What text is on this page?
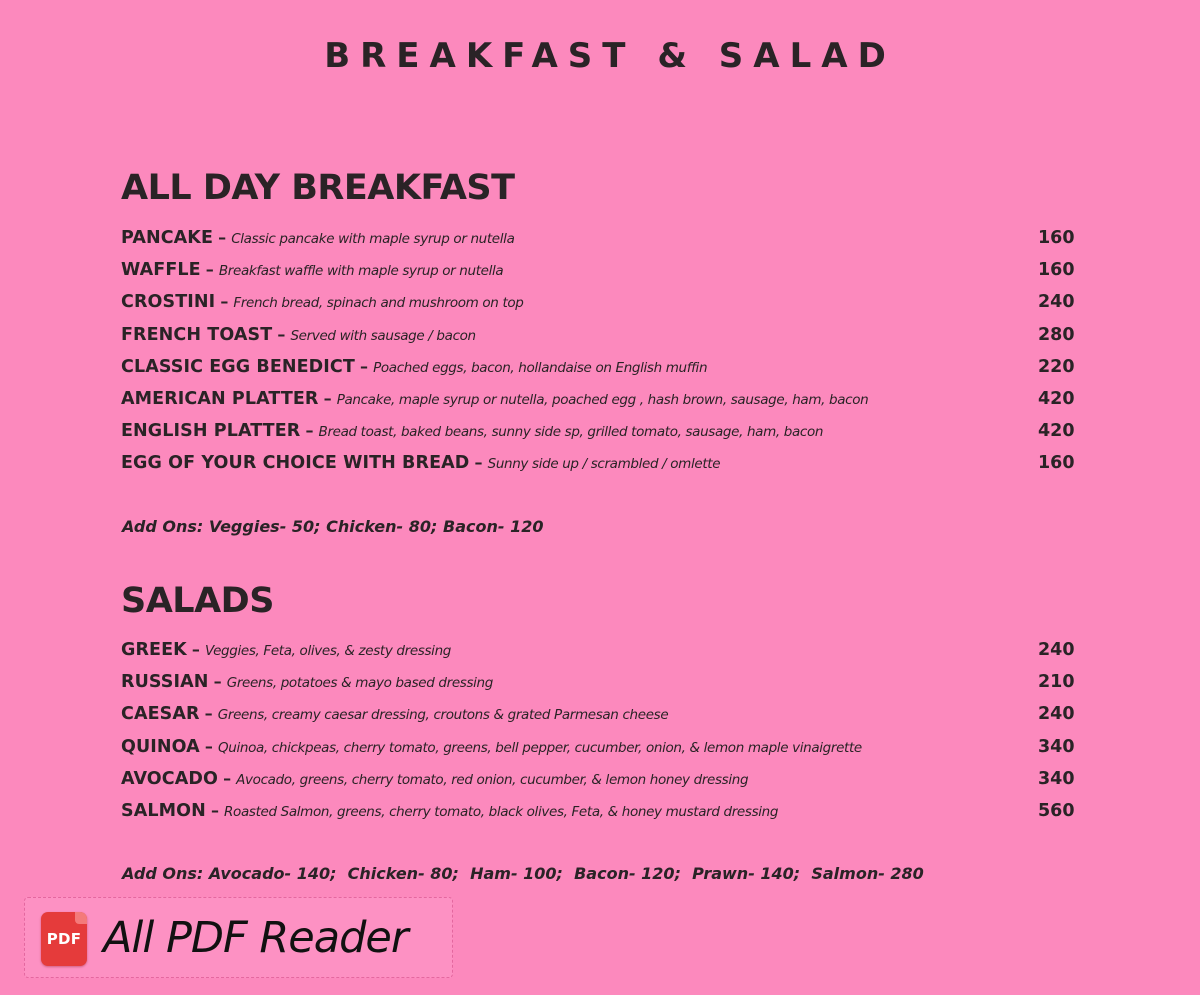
BREAKFAST & SALAD
ALL DAY BREAKFAST
PANCAKE – Classic pancake with maple syrup or nutella	160
WAFFLE – Breakfast waffle with maple syrup or nutella	160
CROSTINI – French bread, spinach and mushroom on top	240
FRENCH TOAST – Served with sausage / bacon	280
CLASSIC EGG BENEDICT – Poached eggs, bacon, hollandaise on English muffin	220
AMERICAN PLATTER – Pancake, maple syrup or nutella, poached egg , hash brown, sausage, ham, bacon	420
ENGLISH PLATTER – Bread toast, baked beans, sunny side sp, grilled tomato, sausage, ham, bacon	420
EGG OF YOUR CHOICE WITH BREAD – Sunny side up / scrambled / omlette	160
Add Ons: Veggies- 50; Chicken- 80; Bacon- 120
SALADS
GREEK – Veggies, Feta, olives, & zesty dressing	240
RUSSIAN – Greens, potatoes & mayo based dressing	210
CAESAR – Greens, creamy caesar dressing, croutons & grated Parmesan cheese	240
QUINOA – Quinoa, chickpeas, cherry tomato, greens, bell pepper, cucumber, onion, & lemon maple vinaigrette	340
AVOCADO – Avocado, greens, cherry tomato, red onion, cucumber, & lemon honey dressing	340
SALMON – Roasted Salmon, greens, cherry tomato, black olives, Feta, & honey mustard dressing	560
Add Ons: Avocado- 140;  Chicken- 80;  Ham- 100;  Bacon- 120;  Prawn- 140;  Salmon- 280
PDF All PDF Reader
